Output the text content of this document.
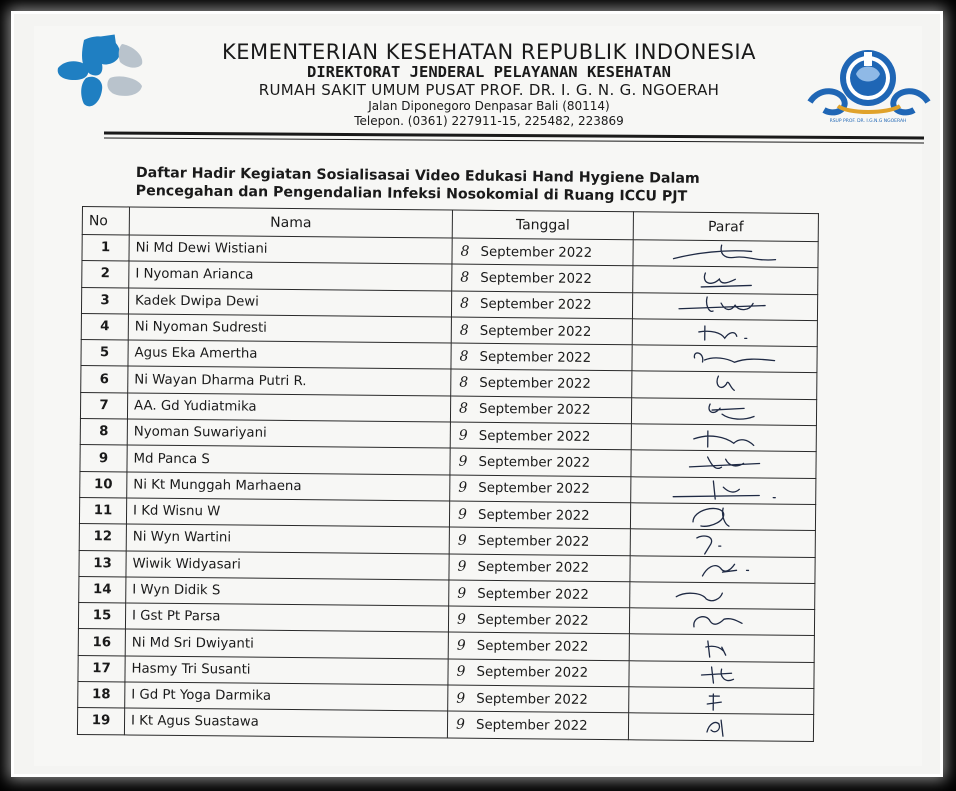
KEMENTERIAN KESEHATAN REPUBLIK INDONESIA
DIREKTORAT JENDERAL PELAYANAN KESEHATAN
RUMAH SAKIT UMUM PUSAT PROF. DR. I. G. N. G. NGOERAH
Jalan Diponegoro Denpasar Bali (80114)
Telepon. (0361) 227911-15, 225482, 223869	RSUP PROF. DR. I.G.N.G NGOERAH
Daftar Hadir Kegiatan Sosialisasai Video Edukasi Hand Hygiene Dalam
Pencegahan dan Pengendalian Infeksi Nosokomial di Ruang ICCU PJT
No	Nama	Tanggal	Paraf
1	Ni Md Dewi Wistiani	8 September 2022	

2	I Nyoman Arianca	8 September 2022	

3	Kadek Dwipa Dewi	8 September 2022	

4	Ni Nyoman Sudresti	8 September 2022	

5	Agus Eka Amertha	8 September 2022	

6	Ni Wayan Dharma Putri R.	8 September 2022	

7	AA. Gd Yudiatmika	8 September 2022	

8	Nyoman Suwariyani	9 September 2022	

9	Md Panca S	9 September 2022	

10	Ni Kt Munggah Marhaena	9 September 2022	

11	I Kd Wisnu W	9 September 2022	

12	Ni Wyn Wartini	9 September 2022	

13	Wiwik Widyasari	9 September 2022	

14	I Wyn Didik S	9 September 2022	

15	I Gst Pt Parsa	9 September 2022	

16	Ni Md Sri Dwiyanti	9 September 2022	

17	Hasmy Tri Susanti	9 September 2022	

18	I Gd Pt Yoga Darmika	9 September 2022	

19	I Kt Agus Suastawa	9 September 2022	
